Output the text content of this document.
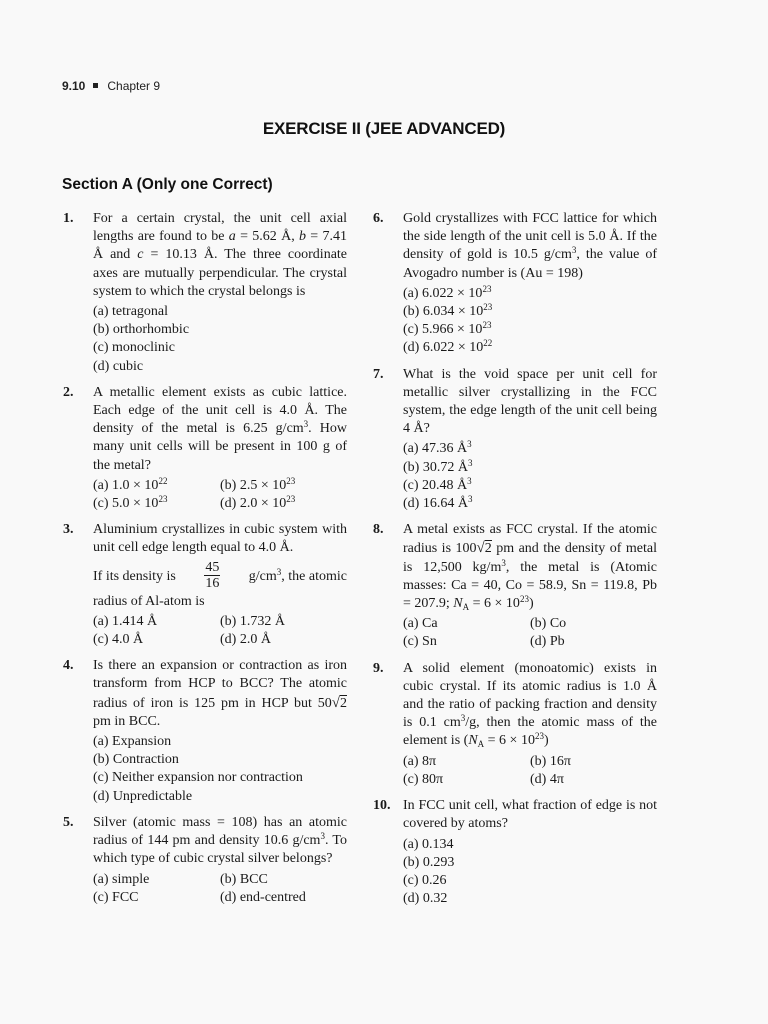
9.10 Chapter 9
EXERCISE II (JEE ADVANCED)
Section A (Only one Correct)
1. For a certain crystal, the unit cell axial lengths are found to be a = 5.62 Å, b = 7.41 Å and c = 10.13 Å. The three coordinate axes are mutually perpendicular. The crystal system to which the crystal belongs is
(a) tetragonal
(b) orthorhombic
(c) monoclinic
(d) cubic
2. A metallic element exists as cubic lattice. Each edge of the unit cell is 4.0 Å. The density of the metal is 6.25 $g/cm^3$. How many unit cells will be present in 100 g of the metal?
(a) $1.0 \times 10^{22}$	(b) $2.5 \times 10^{23}$
(c) $5.0 \times 10^{23}$	(d) $2.0 \times 10^{23}$
3. Aluminium crystallizes in cubic system with unit cell edge length equal to 4.0 Å.
If its density is $\frac{45}{16} g/cm^3$, the atomic
radius of Al-atom is
(a) 1.414 Å	(b) 1.732 Å
(c) 4.0 Å	(d) 2.0 Å
4. Is there an expansion or contraction as iron transform from HCP to BCC? The atomic radius of iron is 125 pm in HCP but 50√2 pm in BCC.
(a) Expansion
(b) Contraction
(c) Neither expansion nor contraction
(d) Unpredictable
5. Silver (atomic mass = 108) has an atomic radius of 144 pm and density 10.6 $g/cm^3$. To which type of cubic crystal silver belongs?
(a) simple	(b) BCC
(c) FCC	(d) end-centred
6. Gold crystallizes with FCC lattice for which the side length of the unit cell is 5.0 Å. If the density of gold is 10.5 $g/cm^3$, the value of Avogadro number is (Au = 198)
(a) $6.022 \times 10^{23}$
(b) $6.034 \times 10^{23}$
(c) $5.966 \times 10^{23}$
(d) $6.022 \times 10^{22}$
7. What is the void space per unit cell for metallic silver crystallizing in the FCC system, the edge length of the unit cell being 4 Å?
(a) 47.36 $Å^3$
(b) 30.72 $Å^3$
(c) 20.48 $Å^3$
(d) 16.64 $Å^3$
8. A metal exists as FCC crystal. If the atomic radius is 100√2 pm and the density of metal is 12,500 $kg/m^3$, the metal is (Atomic masses: Ca = 40, Co = 58.9, Sn = 119.8, Pb = 207.9; $N_A = 6 \times 10^{23}$)
(a) Ca	(b) Co
(c) Sn	(d) Pb
9. A solid element (monoatomic) exists in cubic crystal. If its atomic radius is 1.0 Å and the ratio of packing fraction and density is 0.1 $cm^3/g$, then the atomic mass of the element is $(N_A = 6 \times 10^{23})$
(a) 8π	(b) 16π
(c) 80π	(d) 4π
10. In FCC unit cell, what fraction of edge is not covered by atoms?
(a) 0.134
(b) 0.293
(c) 0.26
(d) 0.32
